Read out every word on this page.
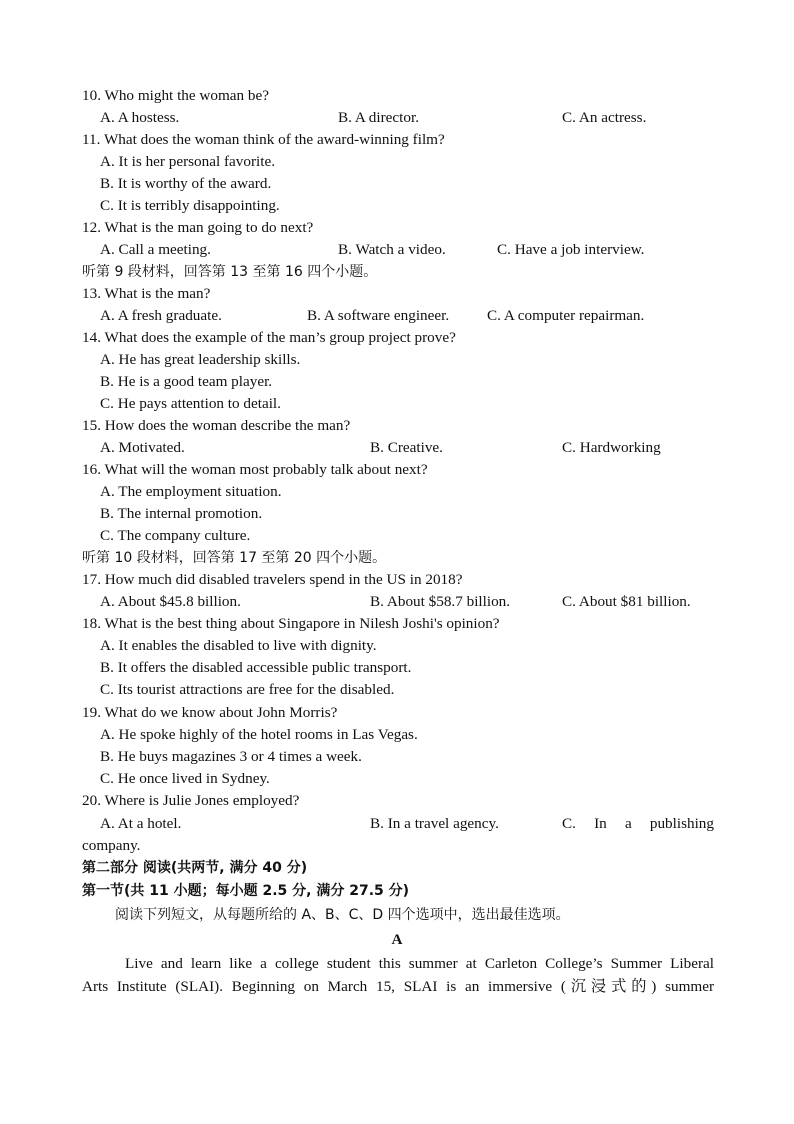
10. Who might the woman be?
A. A hostess.	B. A director.	C. An actress.
11. What does the woman think of the award-winning film?
A. It is her personal favorite.
B. It is worthy of the award.
C. It is terribly disappointing.
12. What is the man going to do next?
A. Call a meeting.	B. Watch a video.	C. Have a job interview.
听第 9 段材料，回答第 13 至第 16 四个小题。
13. What is the man?
A. A fresh graduate.	B. A software engineer. C. A computer repairman.
14. What does the example of the man’s group project prove?
A. He has great leadership skills.
B. He is a good team player.
C. He pays attention to detail.
15. How does the woman describe the man?
A. Motivated.	B. Creative.	C. Hardworking
16. What will the woman most probably talk about next?
A. The employment situation.
B. The internal promotion.
C. The company culture.
听第 10 段材料，回答第 17 至第 20 四个小题。
17. How much did disabled travelers spend in the US in 2018?
A. About $45.8 billion.	B. About $58.7 billion.	C. About $81 billion.
18. What is the best thing about Singapore in Nilesh Joshi's opinion?
A. It enables the disabled to live with dignity.
B. It offers the disabled accessible public transport.
C. Its tourist attractions are free for the disabled.
19. What do we know about John Morris?
A. He spoke highly of the hotel rooms in Las Vegas.
B. He buys magazines 3 or 4 times a week.
C. He once lived in Sydney.
20. Where is Julie Jones employed?
A. At a hotel.	B. In a travel agency.	C. In a publishing
company.
第二部分 阅读(共两节, 满分 40 分)
第一节(共 11 小题；每小题 2.5 分, 满分 27.5 分)
阅读下列短文，从每题所给的 A、B、C、D 四个选项中，选出最佳选项。
A
Live and learn like a college student this summer at Carleton College’s Summer Liberal
Arts Institute (SLAI). Beginning on March 15, SLAI is an immersive (沉浸式的) summer
